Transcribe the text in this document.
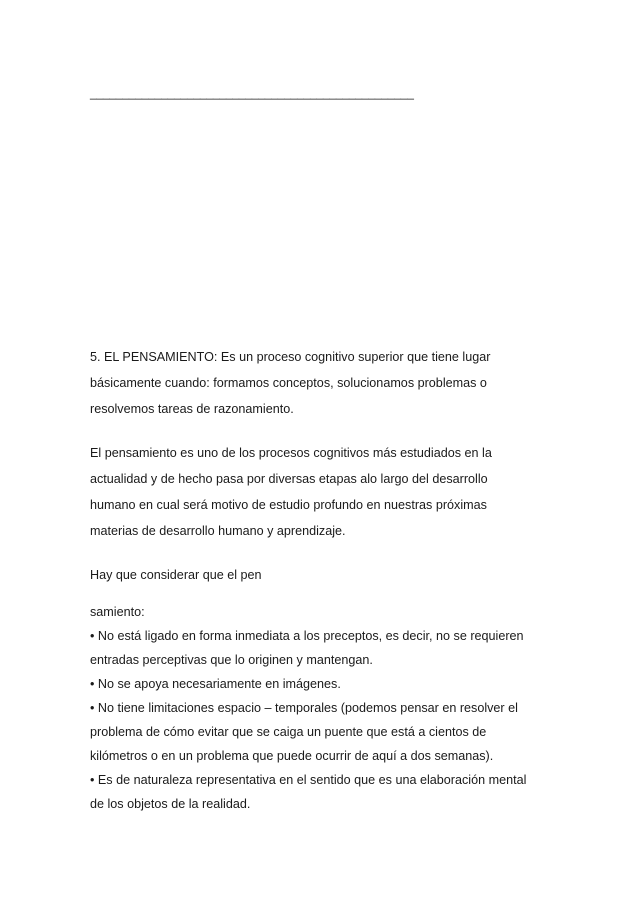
__________________________________________________
5. EL PENSAMIENTO: Es un proceso cognitivo superior que tiene lugar
básicamente cuando: formamos conceptos, solucionamos problemas o
resolvemos tareas de razonamiento.
El pensamiento es uno de los procesos cognitivos más estudiados en la
actualidad y de hecho pasa por diversas etapas alo largo del desarrollo
humano en cual será motivo de estudio profundo en nuestras próximas
materias de desarrollo humano y aprendizaje.
Hay que considerar que el pen
samiento:
• No está ligado en forma inmediata a los preceptos, es decir, no se requieren
entradas perceptivas que lo originen y mantengan.
• No se apoya necesariamente en imágenes.
• No tiene limitaciones espacio – temporales (podemos pensar en resolver el
problema de cómo evitar que se caiga un puente que está a cientos de
kilómetros o en un problema que puede ocurrir de aquí a dos semanas).
• Es de naturaleza representativa en el sentido que es una elaboración mental
de los objetos de la realidad.
